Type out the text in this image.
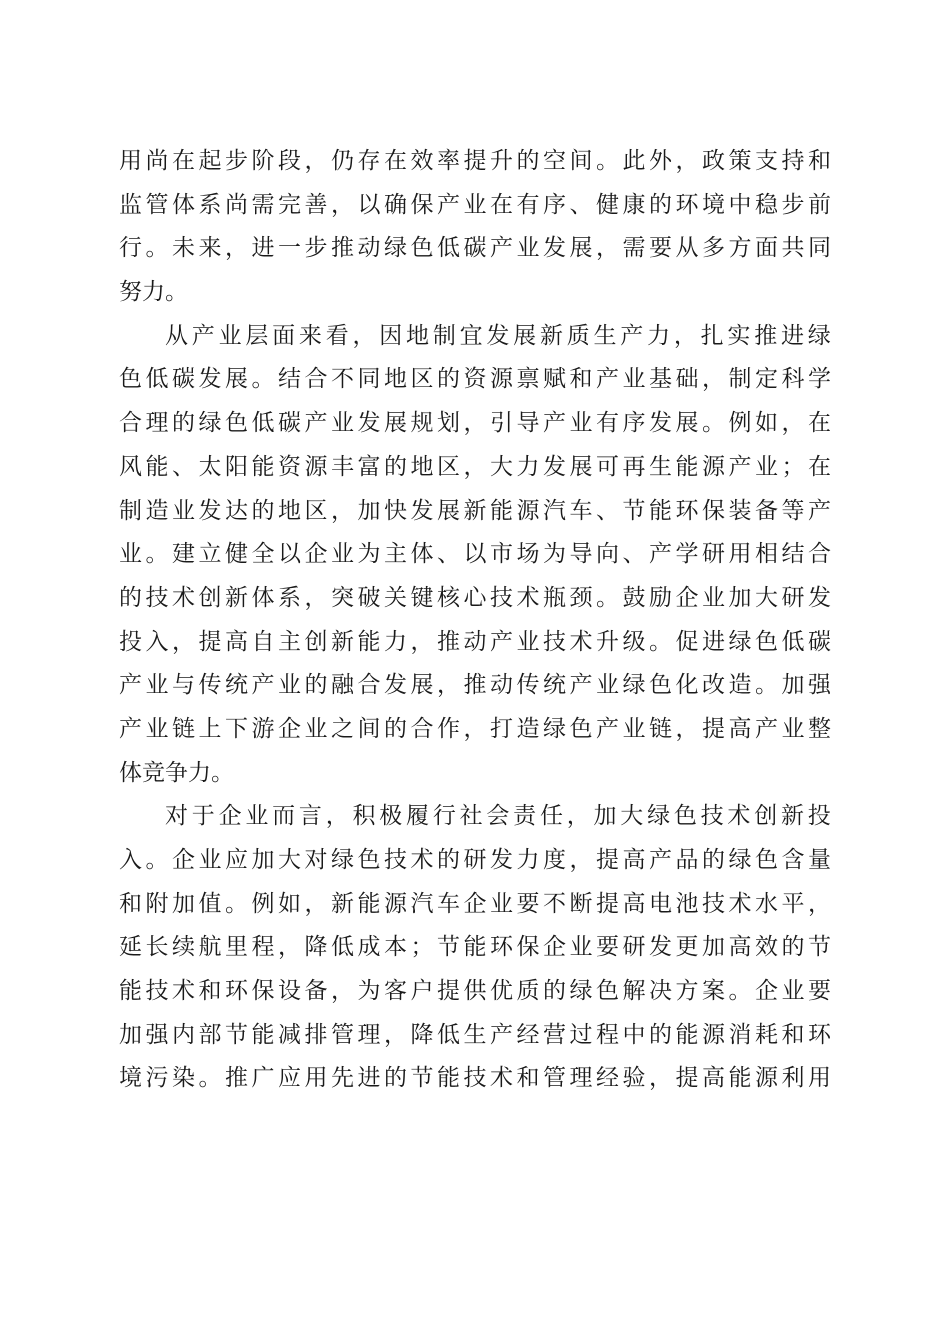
用 尚 在 起 步 阶 段 ， 仍 存 在 效 率 提 升 的 空 间 。 此 外 ， 政 策 支 持 和
监 管 体 系 尚 需 完 善 ， 以 确 保 产 业 在 有 序 、 健 康 的 环 境 中 稳 步 前
行 。 未 来 ， 进 一 步 推 动 绿 色 低 碳 产 业 发 展 ， 需 要 从 多 方 面 共 同
努力。
从 产 业 层 面 来 看 ， 因 地 制 宜 发 展 新 质 生 产 力 ， 扎 实 推 进 绿
色 低 碳 发 展 。 结 合 不 同 地 区 的 资 源 禀 赋 和 产 业 基 础 ， 制 定 科 学
合 理 的 绿 色 低 碳 产 业 发 展 规 划 ， 引 导 产 业 有 序 发 展 。 例 如 ， 在
风 能 、 太 阳 能 资 源 丰 富 的 地 区 ， 大 力 发 展 可 再 生 能 源 产 业 ； 在
制 造 业 发 达 的 地 区 ， 加 快 发 展 新 能 源 汽 车 、 节 能 环 保 装 备 等 产
业 。 建 立 健 全 以 企 业 为 主 体 、 以 市 场 为 导 向 、 产 学 研 用 相 结 合
的 技 术 创 新 体 系 ， 突 破 关 键 核 心 技 术 瓶 颈 。 鼓 励 企 业 加 大 研 发
投 入 ， 提 高 自 主 创 新 能 力 ， 推 动 产 业 技 术 升 级 。 促 进 绿 色 低 碳
产 业 与 传 统 产 业 的 融 合 发 展 ， 推 动 传 统 产 业 绿 色 化 改 造 。 加 强
产 业 链 上 下 游 企 业 之 间 的 合 作 ， 打 造 绿 色 产 业 链 ， 提 高 产 业 整
体竞争力。
对 于 企 业 而 言 ， 积 极 履 行 社 会 责 任 ， 加 大 绿 色 技 术 创 新 投
入 。 企 业 应 加 大 对 绿 色 技 术 的 研 发 力 度 ， 提 高 产 品 的 绿 色 含 量
和 附 加 值 。 例 如 ， 新 能 源 汽 车 企 业 要 不 断 提 高 电 池 技 术 水 平 ，
延 长 续 航 里 程 ， 降 低 成 本 ； 节 能 环 保 企 业 要 研 发 更 加 高 效 的 节
能 技 术 和 环 保 设 备 ， 为 客 户 提 供 优 质 的 绿 色 解 决 方 案 。 企 业 要
加 强 内 部 节 能 减 排 管 理 ， 降 低 生 产 经 营 过 程 中 的 能 源 消 耗 和 环
境 污 染 。 推 广 应 用 先 进 的 节 能 技 术 和 管 理 经 验 ， 提 高 能 源 利 用
